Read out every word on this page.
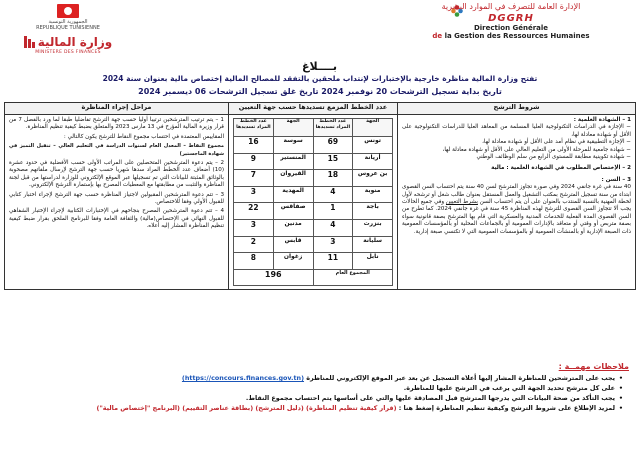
الجمهورية التونسية
REPUBLIQUE TUNISIENNE
وزارة المالية
MINISTERE DES FINANCES
الإدارة العامة للتصرف في الموارد البشرية
DGGRH
Direction Générale
de la Gestion des Ressources Humaines
بــــلاغ
تفتح وزارة المالية مناظرة خارجية بالإختبارات لإنتداب ملحقين بالتفقد للمصالح المالية إختصاص مالية بعنوان سنة 2024
تاريخ بداية تسجيل الترشحات 20 نوفمبر 2024 تاريخ غلق تسجيل الترشحات 06 ديسمبر 2024
شروط الترشح	عدد الخطط المزمع تسديدها حسب جهة التعيين	مراحل إجراء المناظرة

1 – الشهادة العلمية :
− الإجازة في الدراسات التكنولوجية العليا المسلمة من المعاهد العليا للدراسات التكنولوجية على الأقل أو شهادة معادلة لها،
− الإجازة التطبيقية في نظام أمد على الأقل أو شهادة معادلة لها،
− شهادة جامعية للمرحلة الأولى من التعليم العالي على الأقل أو شهادة معادلة لها،
− شهادة تكوينية مطابقة للمستوى الرابع من سلم الوظائف الوطني
2 – الإختصاص المطلوب في الشهادة العلمية : مالية
3 – السن :
40 سنة في غرة جانفي 2024 وفي صورة تجاوز المترشح لسن 40 سنة يتم احتساب السن القصوى ابتداء من سنة تسجيل المترشح بمكتب التشغيل والعمل المستقل بعنوان طالب شغل أو ترشحه لأول لخطة المهنية بالنسبة للمنتدب بالعنوان على أن يتم احتساب السن بشرط التعيين وفي جميع الحالات يجب ألا تتجاوز السن القصوى للترشح لهذه المناظرة 45 سنة في غرة جانفي 2024. كما تطرح من السن القصوى المدة الفعلية للخدمات المدنية والعسكرية التي قام بها المترشح بصفة قانونية سواء بصفة متربص أو وقتي أو متعاقد بالإدارات العمومية أو بالجماعات المحلية أو بالمؤسسات العمومية ذات الصبغة الإدارية أو بالمنشآت العمومية أو بالمؤسسات العمومية التي لا تكتسي صبغة إدارية.

الجهة	عدد الخطط المراد تسديدها	الجهة	عدد الخطط المراد تسديدها
تونس	69	سوسة	16
أريانة	15	المنستير	9
بن عروس	18	القيروان	7
منوبة	4	المهدية	3
باجة	1	صفاقس	22
بنزرت	4	مدنين	3
سليانة	3	قابس	2
نابل	11	زغوان	8
المجموع العام	196

1 – يتم ترتيب المترشحين ترتيبا أوليا حسب جهة الترشح تفاضليا طبقا لما ورد بالفصل 7 من قرار وزيرة المالية المؤرخ في 13 مارس 2023 والمتعلق بضبط كيفية تنظيم المناظرة.

المقاييس المعتمدة في احتساب مجموع النقاط للترشح يكون كالتالي :

مجموع النقاط – المعدل العام لسنوات الدراسة في التعليم العالي – تنفيل التميز في شهادة الماجستير)

2 – يتم دعوة المترشحين المتحصلين على المراتب الأولى حسب الأفضلية في حدود عشرة (10) أضعاف عدد الخطط المراد سدها شهريا حسب جهة الترشح لإرسال ملفاتهم مصحوبة بالوثائق المثبتة للبيانات التي تم تسجيلها عبر الموقع الإلكتروني للوزارة لدراستها من قبل لجنة المناظرة والتثبت من مطابقتها مع المعطيات المصرح بها بإستمارة الترشح الإلكتروني.

3 – تتم دعوة المترشحين المقبولين لاجتياز المناظرة حسب جهة الترشح لإجراء اختبار كتابي للقبول الأولي وفقا للاختصاص.

4 – تتم دعوة المترشحين المصرح بنجاحهم في الإختبارات الكتابية لإجراء الإختبار الشفاهي للقبول النهائي في الإختصاص(مالية) والثقافة العامة وفقا للبرنامج الملحق بقرار ضبط كيفية تنظيم المناظرة المشار إليه أعلاه.

ملاحظات مهمــة :
• يجب على المترشحين للمناظرة المشار إليها أعلاه التسجيل عن بعد عبر الموقع الإلكتروني للمناظرة (https://concours.finances.gov.tn)
• على كل مترشح تحديد الجهة التي يرغب في الترشح عليها للمناظرة.
• يجب التأكد من صحة البيانات التي يدرجها المترشح قبل المصادقة عليها والتي على أساسها يتم احتساب مجموع النقاط.
• لمزيد الإطلاع على شروط الترشح وكيفية تنظيم المناظرة إضغط هنا : (قرار كيفية تنظيم المناظرة) (دليل المترشح) (بطاقة عناصر التقييم) (البرنامج "إختصاص مالية")
